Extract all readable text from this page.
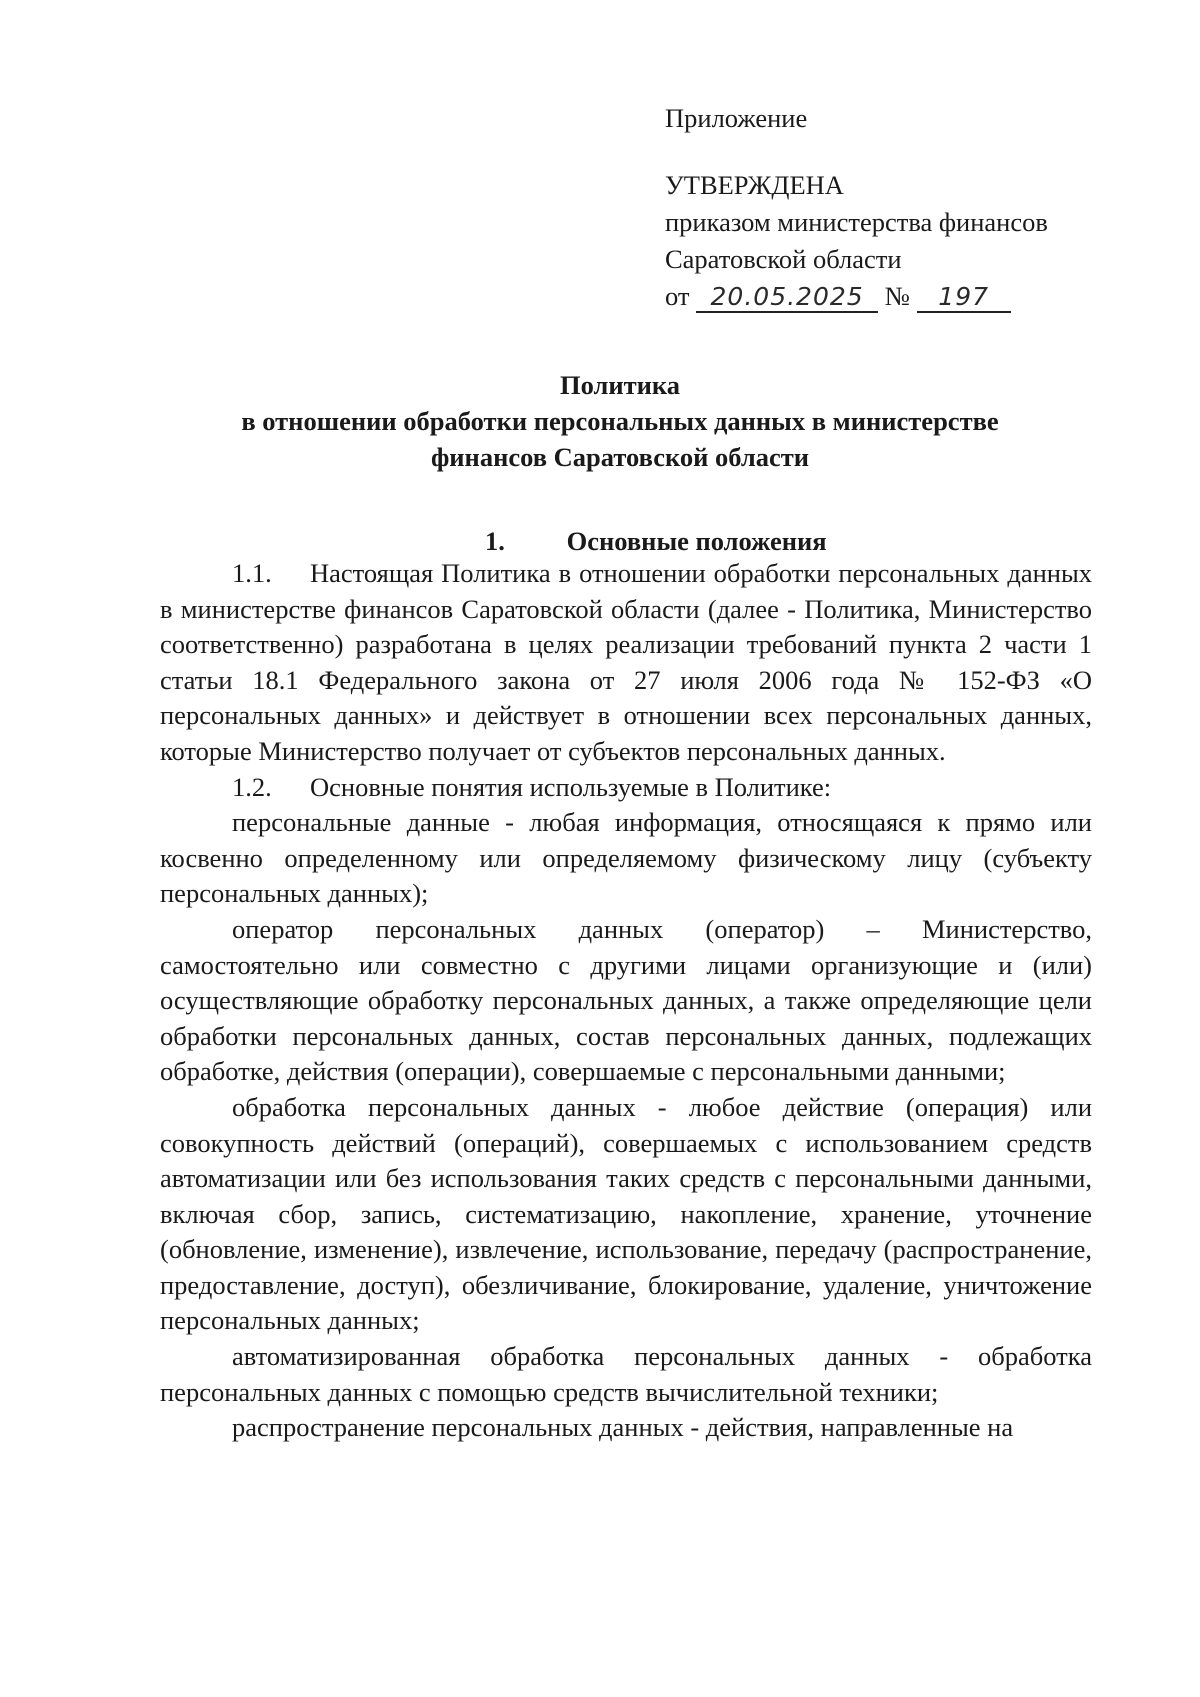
Приложение
УТВЕРЖДЕНА
приказом министерства финансов
Саратовской области
от 20.05.2025 № 197
Политика
в отношении обработки персональных данных в министерстве
финансов Саратовской области
1. Основные положения

1.1. Настоящая Политика в отношении обработки персональных данных в министерстве финансов Саратовской области (далее - Политика, Министерство соответственно) разработана в целях реализации требований пункта 2 части 1 статьи 18.1 Федерального закона от 27 июля 2006 года № 152-ФЗ «О персональных данных» и действует в отношении всех персональных данных, которые Министерство получает от субъектов персональных данных.

1.2. Основные понятия используемые в Политике:

персональные данные - любая информация, относящаяся к прямо или косвенно определенному или определяемому физическому лицу (субъекту персональных данных);

оператор персональных данных (оператор) – Министерство, самостоятельно или совместно с другими лицами организующие и (или) осуществляющие обработку персональных данных, а также определяющие цели обработки персональных данных, состав персональных данных, подлежащих обработке, действия (операции), совершаемые с персональными данными;

обработка персональных данных - любое действие (операция) или совокупность действий (операций), совершаемых с использованием средств автоматизации или без использования таких средств с персональными данными, включая сбор, запись, систематизацию, накопление, хранение, уточнение (обновление, изменение), извлечение, использование, передачу (распространение, предоставление, доступ), обезличивание, блокирование, удаление, уничтожение персональных данных;

автоматизированная обработка персональных данных - обработка персональных данных с помощью средств вычислительной техники;

распространение персональных данных - действия, направленные на
